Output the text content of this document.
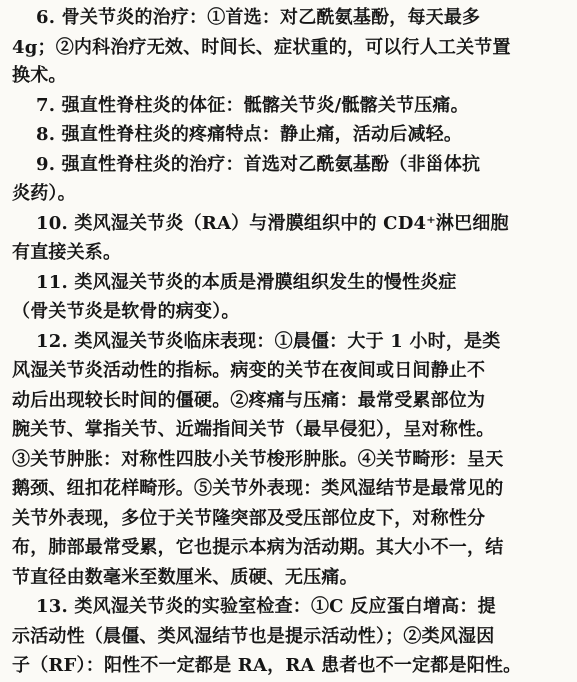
6. 骨关节炎的治疗：①首选：对乙酰氨基酚，每天最多
4g；②内科治疗无效、时间长、症状重的，可以行人工关节置
换术。
7. 强直性脊柱炎的体征：骶髂关节炎/骶髂关节压痛。
8. 强直性脊柱炎的疼痛特点：静止痛，活动后减轻。
9. 强直性脊柱炎的治疗：首选对乙酰氨基酚（非甾体抗
炎药）。
10. 类风湿关节炎（RA）与滑膜组织中的 CD4⁺淋巴细胞
有直接关系。
11. 类风湿关节炎的本质是滑膜组织发生的慢性炎症
（骨关节炎是软骨的病变）。
12. 类风湿关节炎临床表现：①晨僵：大于 1 小时，是类
风湿关节炎活动性的指标。病变的关节在夜间或日间静止不
动后出现较长时间的僵硬。②疼痛与压痛：最常受累部位为
腕关节、掌指关节、近端指间关节（最早侵犯），呈对称性。
③关节肿胀：对称性四肢小关节梭形肿胀。④关节畸形：呈天
鹅颈、纽扣花样畸形。⑤关节外表现：类风湿结节是最常见的
关节外表现，多位于关节隆突部及受压部位皮下，对称性分
布，肺部最常受累，它也提示本病为活动期。其大小不一，结
节直径由数毫米至数厘米、质硬、无压痛。
13. 类风湿关节炎的实验室检查：①C 反应蛋白增高：提
示活动性（晨僵、类风湿结节也是提示活动性）；②类风湿因
子（RF）：阳性不一定都是 RA，RA 患者也不一定都是阳性。
